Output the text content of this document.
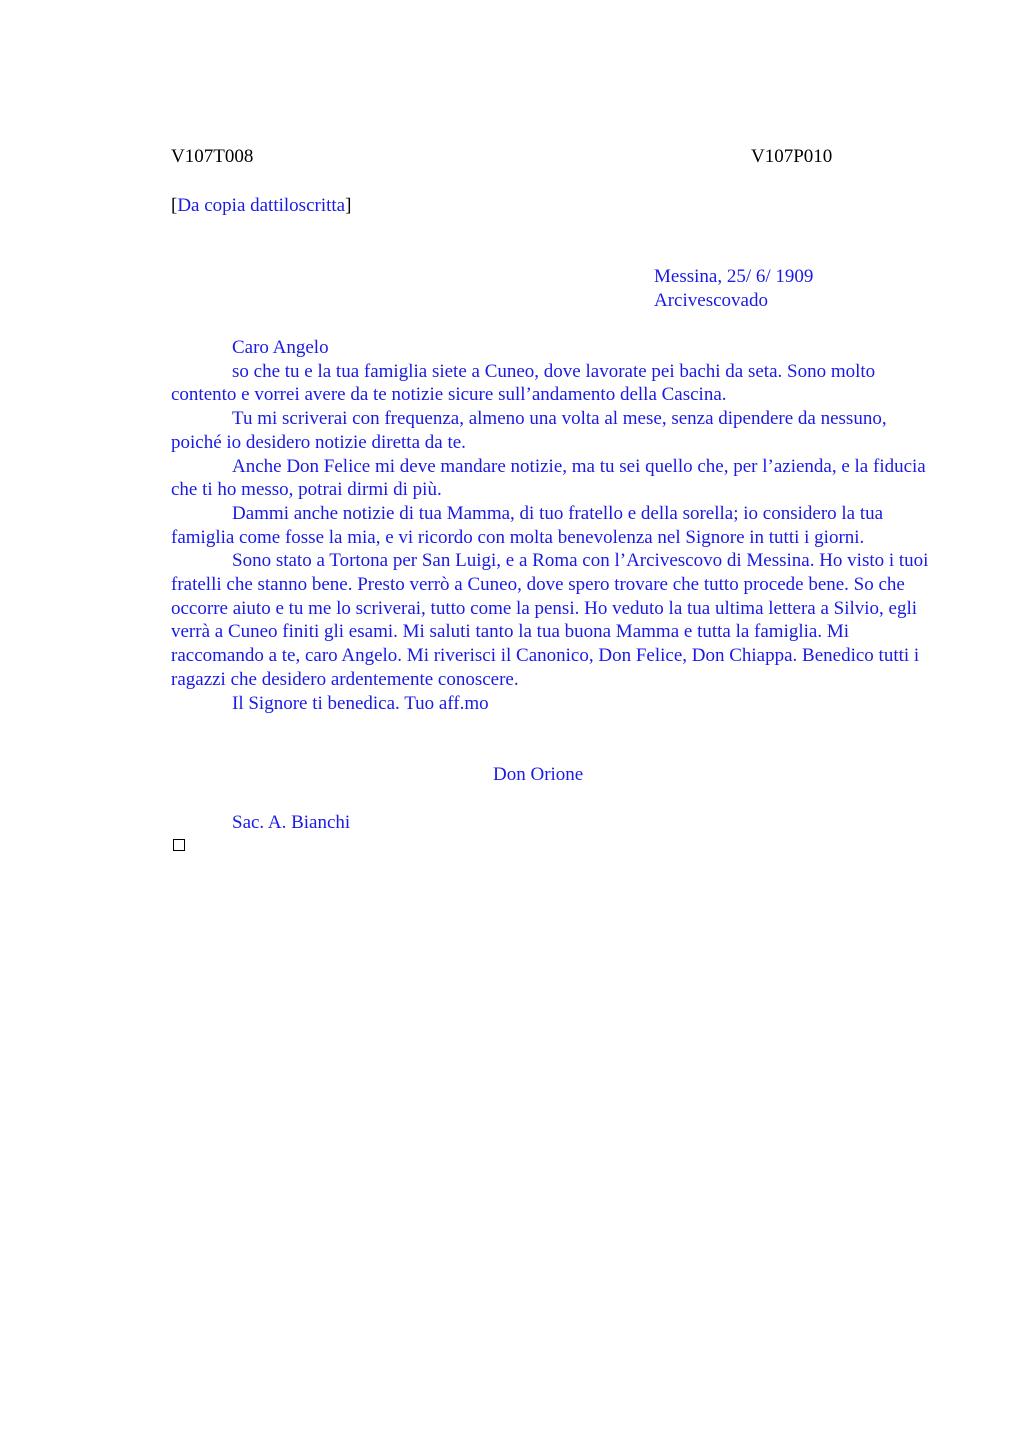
V107T008	V107P010
[Da copia dattiloscritta]
Messina, 25/ 6/ 1909
Arcivescovado

Caro Angelo

so che tu e la tua famiglia siete a Cuneo, dove lavorate pei bachi da seta. Sono molto contento e vorrei avere da te notizie sicure sull’andamento della Cascina.

Tu mi scriverai con frequenza, almeno una volta al mese, senza dipendere da nessuno, poiché io desidero notizie diretta da te.

Anche Don Felice mi deve mandare notizie, ma tu sei quello che, per l’azienda, e la fiducia che ti ho messo, potrai dirmi di più.

Dammi anche notizie di tua Mamma, di tuo fratello e della sorella; io considero la tua famiglia come fosse la mia, e vi ricordo con molta benevolenza nel Signore in tutti i giorni.

Sono stato a Tortona per San Luigi, e a Roma con l’Arcivescovo di Messina. Ho visto i tuoi fratelli che stanno bene. Presto verrò a Cuneo, dove spero trovare che tutto procede bene. So che occorre aiuto e tu me lo scriverai, tutto come la pensi. Ho veduto la tua ultima lettera a Silvio, egli verrà a Cuneo finiti gli esami. Mi saluti tanto la tua buona Mamma e tutta la famiglia. Mi raccomando a te, caro Angelo. Mi riverisci il Canonico, Don Felice, Don Chiappa. Benedico tutti i ragazzi che desidero ardentemente conoscere.

Il Signore ti benedica. Tuo aff.mo

Don Orione
Sac. A. Bianchi
